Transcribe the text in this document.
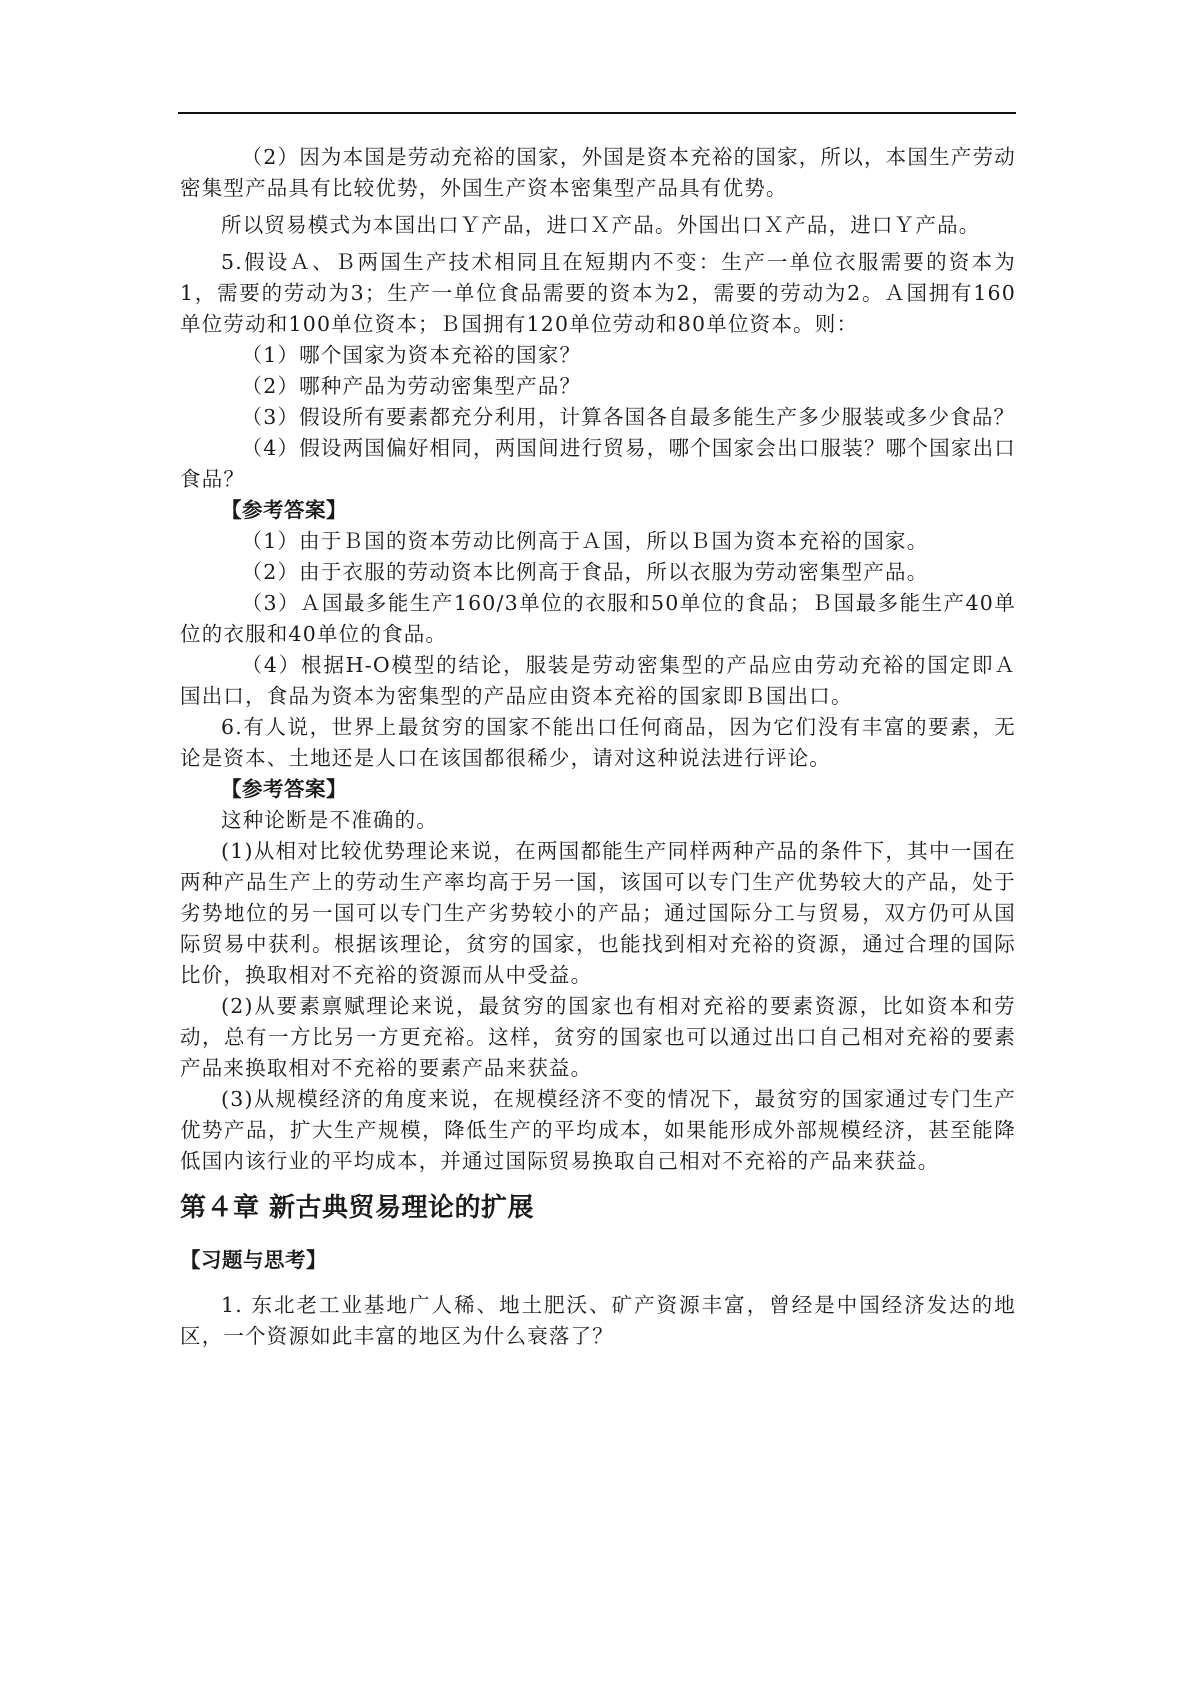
（2）因为本国是劳动充裕的国家，外国是资本充裕的国家，所以，本国生产劳动密集型产品具有比较优势，外国生产资本密集型产品具有优势。

所以贸易模式为本国出口Ｙ产品，进口Ｘ产品。外国出口Ｘ产品，进口Ｙ产品。

5.假设Ａ、Ｂ两国生产技术相同且在短期内不变：生产一单位衣服需要的资本为1，需要的劳动为3；生产一单位食品需要的资本为2，需要的劳动为2。Ａ国拥有160单位劳动和100单位资本；Ｂ国拥有120单位劳动和80单位资本。则：

（1）哪个国家为资本充裕的国家？

（2）哪种产品为劳动密集型产品？

（3）假设所有要素都充分利用，计算各国各自最多能生产多少服装或多少食品？

（4）假设两国偏好相同，两国间进行贸易，哪个国家会出口服装？哪个国家出口食品？

【参考答案】

（1）由于Ｂ国的资本劳动比例高于Ａ国，所以Ｂ国为资本充裕的国家。

（2）由于衣服的劳动资本比例高于食品，所以衣服为劳动密集型产品。

（3）Ａ国最多能生产160/3单位的衣服和50单位的食品；Ｂ国最多能生产40单位的衣服和40单位的食品。

（4）根据H-O模型的结论，服装是劳动密集型的产品应由劳动充裕的国定即Ａ国出口，食品为资本为密集型的产品应由资本充裕的国家即Ｂ国出口。

6.有人说，世界上最贫穷的国家不能出口任何商品，因为它们没有丰富的要素，无论是资本、土地还是人口在该国都很稀少，请对这种说法进行评论。

【参考答案】

这种论断是不准确的。

(1)从相对比较优势理论来说，在两国都能生产同样两种产品的条件下，其中一国在两种产品生产上的劳动生产率均高于另一国，该国可以专门生产优势较大的产品，处于劣势地位的另一国可以专门生产劣势较小的产品；通过国际分工与贸易，双方仍可从国际贸易中获利。根据该理论，贫穷的国家，也能找到相对充裕的资源，通过合理的国际比价，换取相对不充裕的资源而从中受益。

(2)从要素禀赋理论来说，最贫穷的国家也有相对充裕的要素资源，比如资本和劳动，总有一方比另一方更充裕。这样，贫穷的国家也可以通过出口自己相对充裕的要素产品来换取相对不充裕的要素产品来获益。

(3)从规模经济的角度来说，在规模经济不变的情况下，最贫穷的国家通过专门生产优势产品，扩大生产规模，降低生产的平均成本，如果能形成外部规模经济，甚至能降低国内该行业的平均成本，并通过国际贸易换取自己相对不充裕的产品来获益。

第４章 新古典贸易理论的扩展
【习题与思考】

1. 东北老工业基地广人稀、地土肥沃、矿产资源丰富，曾经是中国经济发达的地区，一个资源如此丰富的地区为什么衰落了？
